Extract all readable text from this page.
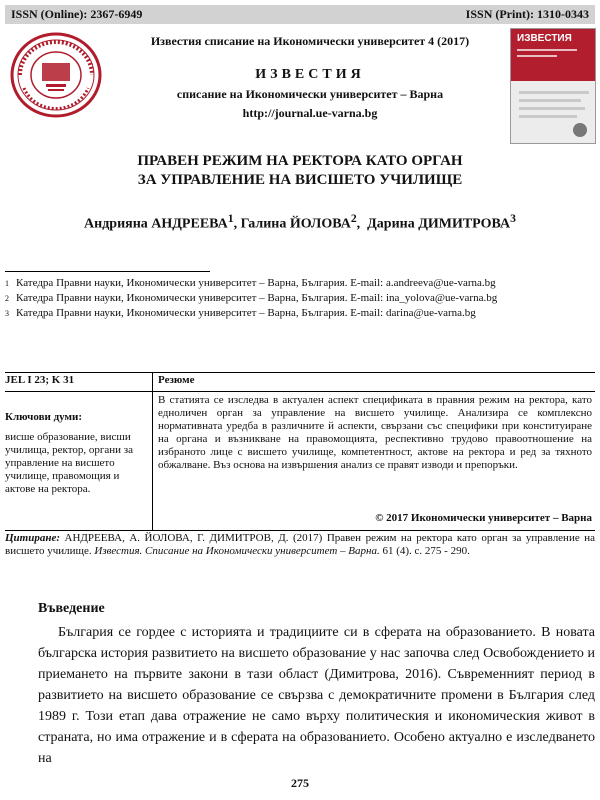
ISSN (Online): 2367-6949	ISSN (Print): 1310-0343
Известия списание на Икономически университет 4 (2017)
ИЗВЕСТИЯ
списание на Икономически университет – Варна
http://journal.ue-varna.bg
ИЗВЕСТИЯ
ПРАВЕН РЕЖИМ НА РЕКТОРА КАТО ОРГАН
ЗА УПРАВЛЕНИЕ НА ВИСШЕТО УЧИЛИЩЕ
Андрияна АНДРЕЕВА$^1$, Галина ЙОЛОВА$^2$,  Дарина ДИМИТРОВА$^3$
1 Катедра Правни науки, Икономически университет – Варна, България. E-mail: a.andreeva@ue-varna.bg
2 Катедра Правни науки, Икономически университет – Варна, България. E-mail: ina_yolova@ue-varna.bg
3 Катедра Правни науки, Икономически университет – Варна, България. E-mail: darina@ue-varna.bg
JEL I 23; K 31
Ключови думи:
висше образование, висши училища, ректор, органи за управление на висшето училище, правомощия и актове на ректора.
Резюме
В статията се изследва в актуален аспект спецификата в правния режим на ректора, като едноличен орган за управление на висшето училище. Анализира се комплексно нормативната уредба в различните й аспекти, свързани със специфики при конституиране на органа и възникване на правомощията, респективно трудово правоотношение на избраното лице с висшето училище, компетентност, актове на ректора и ред за тяхното обжалване. Въз основа на извършения анализ се правят изводи и препоръки.
© 2017 Икономически университет – Варна
Цитиране: АНДРЕЕВА, А. ЙОЛОВА, Г. ДИМИТРОВ, Д. (2017) Правен режим на ректора като орган за управление на висшето училище. Известия. Списание на Икономически университет – Варна. 61 (4). с. 275 - 290.
Въведение
България се гордее с историята и традициите си в сферата на образованието. В новата българска история развитието на висшето образование у нас започва след Освобождението и приемането на първите закони в тази област (Димитрова, 2016). Съвременният период в развитието на висшето образование се свързва с демократичните промени в България след 1989 г. Този етап дава отражение не само върху политическия и икономическия живот в страната, но има отражение и в сферата на образованието. Особено актуално е изследването на
275
